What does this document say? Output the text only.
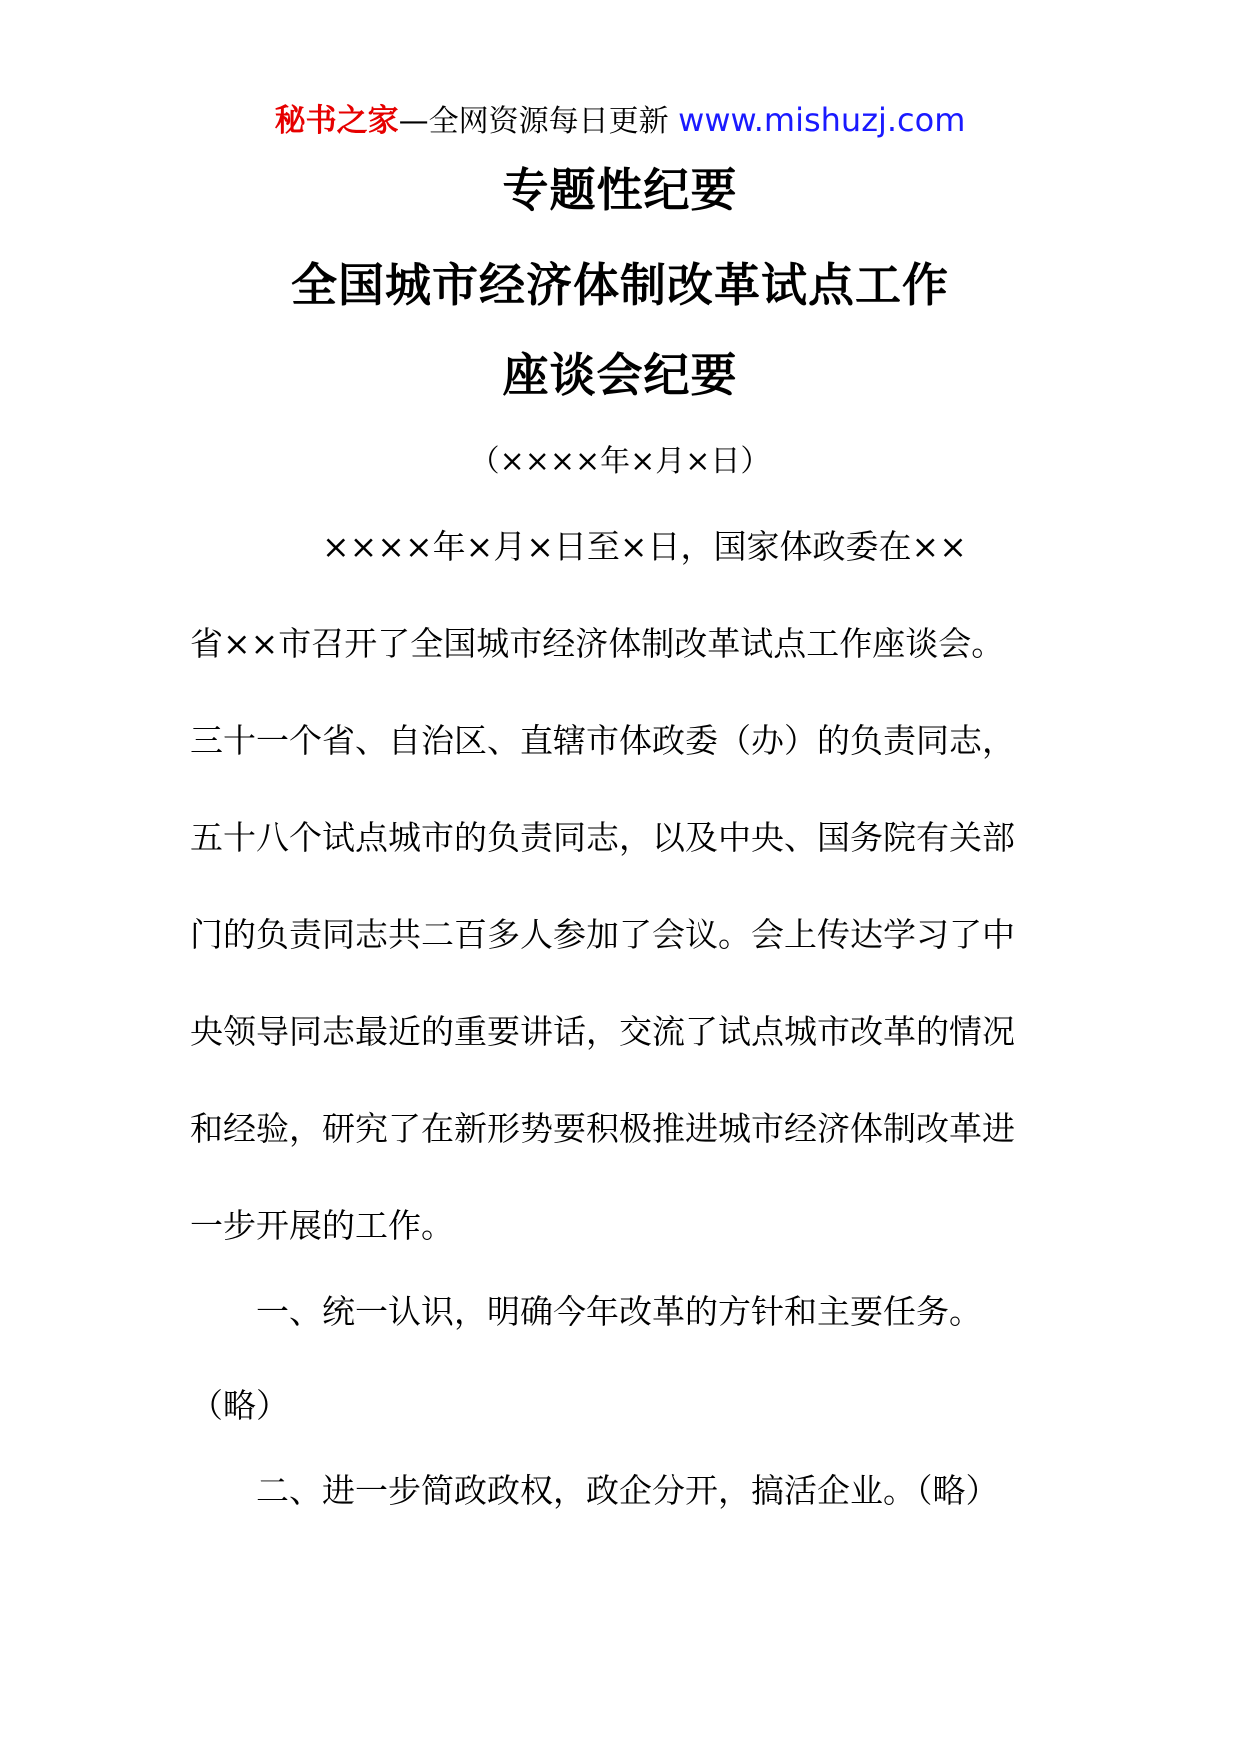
秘书之家—全网资源每日更新 www.mishuzj.com
专题性纪要
全国城市经济体制改革试点工作
座谈会纪要
（××××年×月×日）
××××年×月×日至×日，国家体政委在××
省××市召开了全国城市经济体制改革试点工作座谈会。
三十一个省、自治区、直辖市体政委（办）的负责同志，
五十八个试点城市的负责同志，以及中央、国务院有关部
门的负责同志共二百多人参加了会议。会上传达学习了中
央领导同志最近的重要讲话，交流了试点城市改革的情况
和经验，研究了在新形势要积极推进城市经济体制改革进
一步开展的工作。
一、统一认识，明确今年改革的方针和主要任务。
（略）
二、进一步简政政权，政企分开，搞活企业。（略）
